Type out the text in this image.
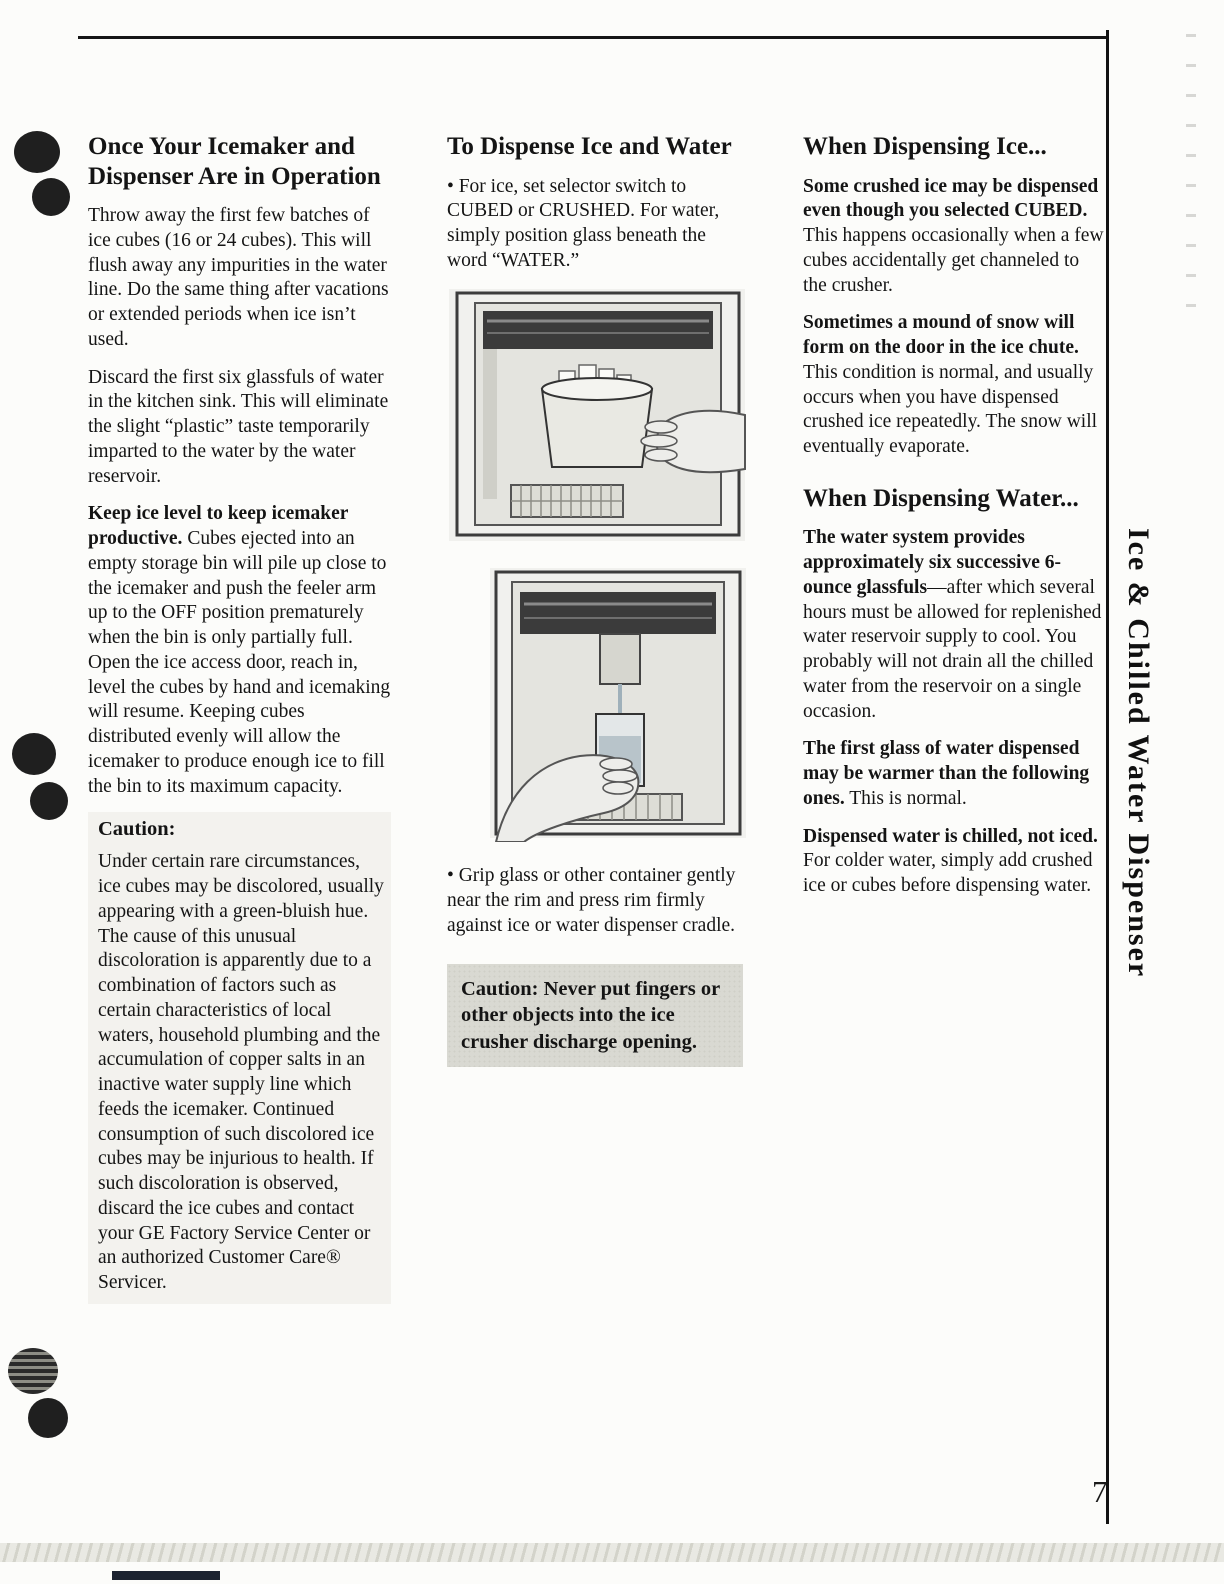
Once Your Icemaker and Dispenser Are in Operation

Throw away the first few batches of ice cubes (16 or 24 cubes). This will flush away any impurities in the water line. Do the same thing after vacations or extended periods when ice isn’t used.

Discard the first six glassfuls of water in the kitchen sink. This will eliminate the slight “plastic” taste temporarily imparted to the water by the water reservoir.

Keep ice level to keep icemaker productive. Cubes ejected into an empty storage bin will pile up close to the icemaker and push the feeler arm up to the OFF position prematurely when the bin is only partially full. Open the ice access door, reach in, level the cubes by hand and icemaking will resume. Keeping cubes distributed evenly will allow the icemaker to produce enough ice to fill the bin to its maximum capacity.

Caution:

Under certain rare circumstances, ice cubes may be discolored, usually appearing with a green-bluish hue. The cause of this unusual discoloration is apparently due to a combination of factors such as certain characteristics of local waters, household plumbing and the accumulation of copper salts in an inactive water supply line which feeds the icemaker. Continued consumption of such discolored ice cubes may be injurious to health. If such discoloration is observed, discard the ice cubes and contact your GE Factory Service Center or an authorized Customer Care® Servicer.

To Dispense Ice and Water

• For ice, set selector switch to CUBED or CRUSHED. For water, simply position glass beneath the word “WATER.”

• Grip glass or other container gently near the rim and press rim firmly against ice or water dispenser cradle.

Caution: Never put fingers or other objects into the ice crusher discharge opening.
When Dispensing Ice...

Some crushed ice may be dispensed even though you selected CUBED. This happens occasionally when a few cubes accidentally get channeled to the crusher.

Sometimes a mound of snow will form on the door in the ice chute. This condition is normal, and usually occurs when you have dispensed crushed ice repeatedly. The snow will eventually evaporate.

When Dispensing Water...

The water system provides approximately six successive 6-ounce glassfuls—after which several hours must be allowed for replenished water reservoir supply to cool. You probably will not drain all the chilled water from the reservoir on a single occasion.

The first glass of water dispensed may be warmer than the following ones. This is normal.

Dispensed water is chilled, not iced. For colder water, simply add crushed ice or cubes before dispensing water.	Ice & Chilled Water Dispenser
7
